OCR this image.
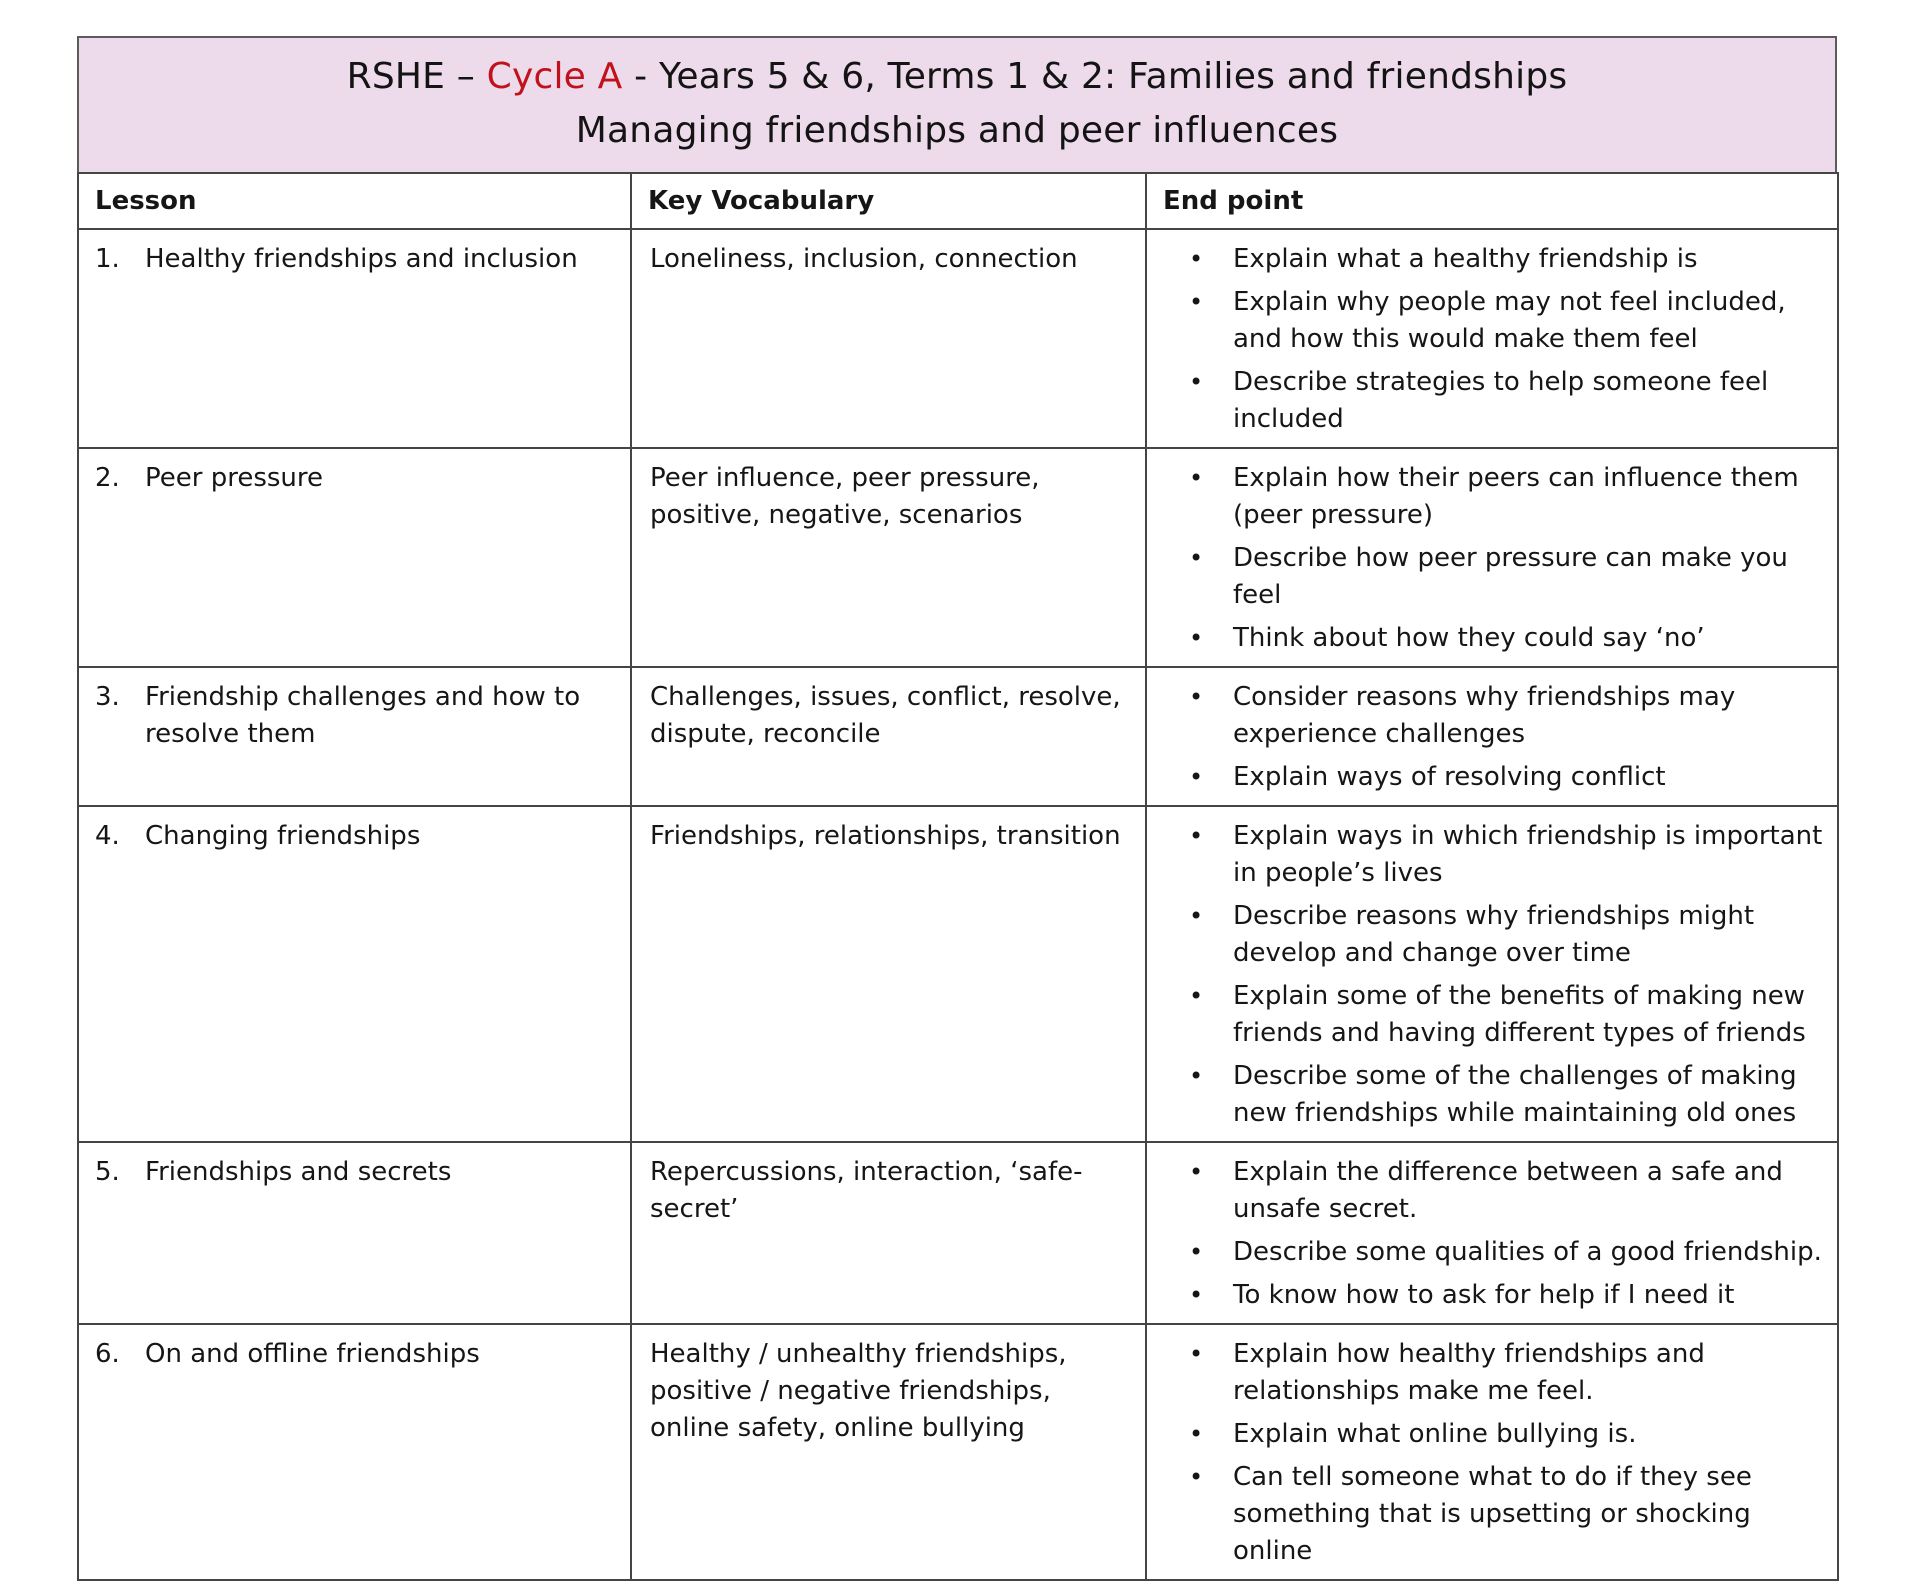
RSHE – Cycle A - Years 5 & 6, Terms 1 & 2: Families and friendships
Managing friendships and peer influences
Lesson	Key Vocabulary	End point

1. Healthy friendships and inclusion	Loneliness, inclusion, connection	•	Explain what a healthy friendship is
•	Explain why people may not feel included, and how this would make them feel
•	Describe strategies to help someone feel included

2. Peer pressure	Peer influence, peer pressure, positive, negative, scenarios	
•	Explain how their peers can influence them (peer pressure)
•	Describe how peer pressure can make you feel
•	Think about how they could say ‘no’

3. Friendship challenges and how to resolve them
	Challenges, issues, conflict, resolve, dispute, reconcile	
•	Consider reasons why friendships may experience challenges
•	Explain ways of resolving conflict

4. Changing friendships	Friendships, relationships, transition	•	Explain ways in which friendship is important in people’s lives
•	Describe reasons why friendships might develop and change over time
•	Explain some of the benefits of making new friends and having different types of friends
•	Describe some of the challenges of making new friendships while maintaining old ones

5. Friendships and secrets	Repercussions, interaction, ‘safe-secret’	
•	Explain the difference between a safe and unsafe secret.
•	Describe some qualities of a good friendship.
•	To know how to ask for help if I need it

6. On and offline friendships	Healthy / unhealthy friendships, positive / negative friendships, online safety, online bullying	
•	Explain how healthy friendships and relationships make me feel.
•	Explain what online bullying is.
•	Can tell someone what to do if they see something that is upsetting or shocking online
